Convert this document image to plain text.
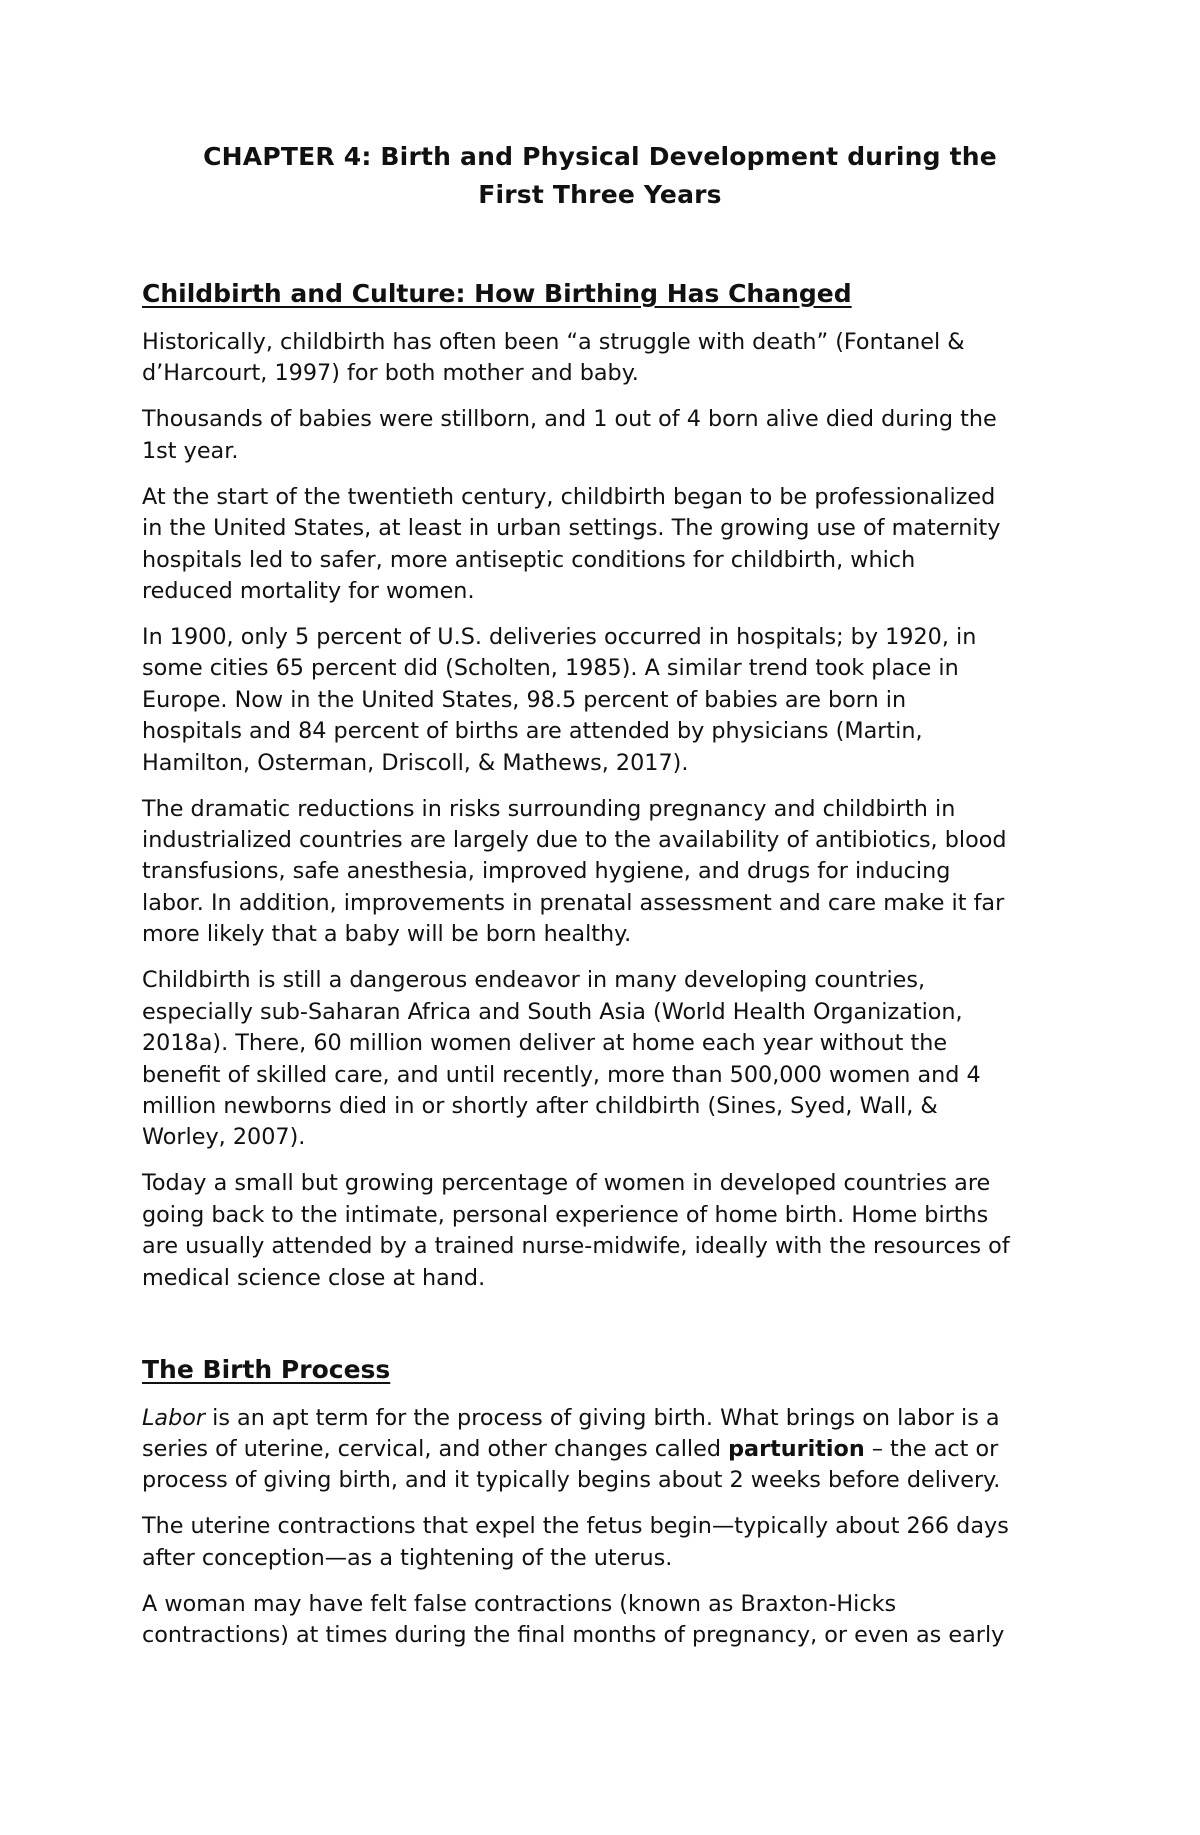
CHAPTER 4: Birth and Physical Development during the
First Three Years
Childbirth and Culture: How Birthing Has Changed

Historically, childbirth has often been “a struggle with death” (Fontanel &
d’Harcourt, 1997) for both mother and baby.

Thousands of babies were stillborn, and 1 out of 4 born alive died during the
1st year.

At the start of the twentieth century, childbirth began to be professionalized
in the United States, at least in urban settings. The growing use of maternity
hospitals led to safer, more antiseptic conditions for childbirth, which
reduced mortality for women.

In 1900, only 5 percent of U.S. deliveries occurred in hospitals; by 1920, in
some cities 65 percent did (Scholten, 1985). A similar trend took place in
Europe. Now in the United States, 98.5 percent of babies are born in
hospitals and 84 percent of births are attended by physicians (Martin,
Hamilton, Osterman, Driscoll, & Mathews, 2017).

The dramatic reductions in risks surrounding pregnancy and childbirth in
industrialized countries are largely due to the availability of antibiotics, blood
transfusions, safe anesthesia, improved hygiene, and drugs for inducing
labor. In addition, improvements in prenatal assessment and care make it far
more likely that a baby will be born healthy.

Childbirth is still a dangerous endeavor in many developing countries,
especially sub-Saharan Africa and South Asia (World Health Organization,
2018a). There, 60 million women deliver at home each year without the
benefit of skilled care, and until recently, more than 500,000 women and 4
million newborns died in or shortly after childbirth (Sines, Syed, Wall, &
Worley, 2007).

Today a small but growing percentage of women in developed countries are
going back to the intimate, personal experience of home birth. Home births
are usually attended by a trained nurse-midwife, ideally with the resources of
medical science close at hand.

The Birth Process

Labor is an apt term for the process of giving birth. What brings on labor is a
series of uterine, cervical, and other changes called parturition – the act or
process of giving birth, and it typically begins about 2 weeks before delivery.

The uterine contractions that expel the fetus begin—typically about 266 days
after conception—as a tightening of the uterus.

A woman may have felt false contractions (known as Braxton-Hicks
contractions) at times during the final months of pregnancy, or even as early
